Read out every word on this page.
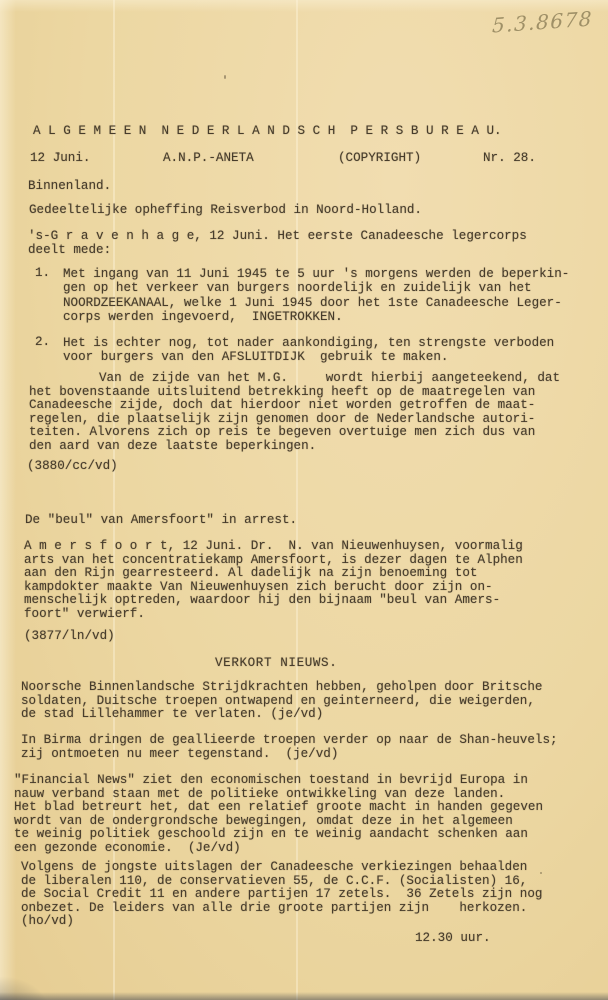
5.3.8678
A L G E M E E N  N E D E R L A N D S C H  P E R S B U R E A U.
12 Juni.	A.N.P.-ANETA	(COPYRIGHT)	Nr. 28.
Binnenland.
Gedeeltelijke opheffing Reisverbod in Noord-Holland.
's-G r a v e n h a g e, 12 Juni. Het eerste Canadeesche legercorps
deelt mede:
1. Met ingang van 11 Juni 1945 te 5 uur 's morgens werden de beperkin-
gen op het verkeer van burgers noordelijk en zuidelijk van het
NOORDZEEKANAAL, welke 1 Juni 1945 door het 1ste Canadeesche Leger-
corps werden ingevoerd,  INGETROKKEN.
2. Het is echter nog, tot nader aankondiging, ten strengste verboden
voor burgers van den AFSLUITDIJK  gebruik te maken.
Van de zijde van het M.G.     wordt hierbij aangeteekend, dat
het bovenstaande uitsluitend betrekking heeft op de maatregelen van
Canadeesche zijde, doch dat hierdoor niet worden getroffen de maat-
regelen, die plaatselijk zijn genomen door de Nederlandsche autori-
teiten. Alvorens zich op reis te begeven overtuige men zich dus van
den aard van deze laatste beperkingen.
(3880/cc/vd)
De "beul" van Amersfoort" in arrest.
A m e r s f o o r t, 12 Juni. Dr.  N. van Nieuwenhuysen, voormalig
arts van het concentratiekamp Amersfoort, is dezer dagen te Alphen
aan den Rijn gearresteerd. Al dadelijk na zijn benoeming tot
kampdokter maakte Van Nieuwenhuysen zich berucht door zijn on-
menschelijk optreden, waardoor hij den bijnaam "beul van Amers-
foort" verwierf.
(3877/ln/vd)
VERKORT NIEUWS.
Noorsche Binnenlandsche Strijdkrachten hebben, geholpen door Britsche
soldaten, Duitsche troepen ontwapend en geinterneerd, die weigerden,
de stad Lillehammer te verlaten. (je/vd)
In Birma dringen de geallieerde troepen verder op naar de Shan-heuvels;
zij ontmoeten nu meer tegenstand.  (je/vd)
"Financial News" ziet den economischen toestand in bevrijd Europa in
nauw verband staan met de politieke ontwikkeling van deze landen.
Het blad betreurt het, dat een relatief groote macht in handen gegeven
wordt van de ondergrondsche bewegingen, omdat deze in het algemeen
te weinig politiek geschoold zijn en te weinig aandacht schenken aan
een gezonde economie.  (Je/vd)
Volgens de jongste uitslagen der Canadeesche verkiezingen behaalden
de liberalen 110, de conservatieven 55, de C.C.F. (Socialisten) 16,
de Social Credit 11 en andere partijen 17 zetels.  36 Zetels zijn nog
onbezet. De leiders van alle drie groote partijen zijn    herkozen.
(ho/vd)
12.30 uur.
